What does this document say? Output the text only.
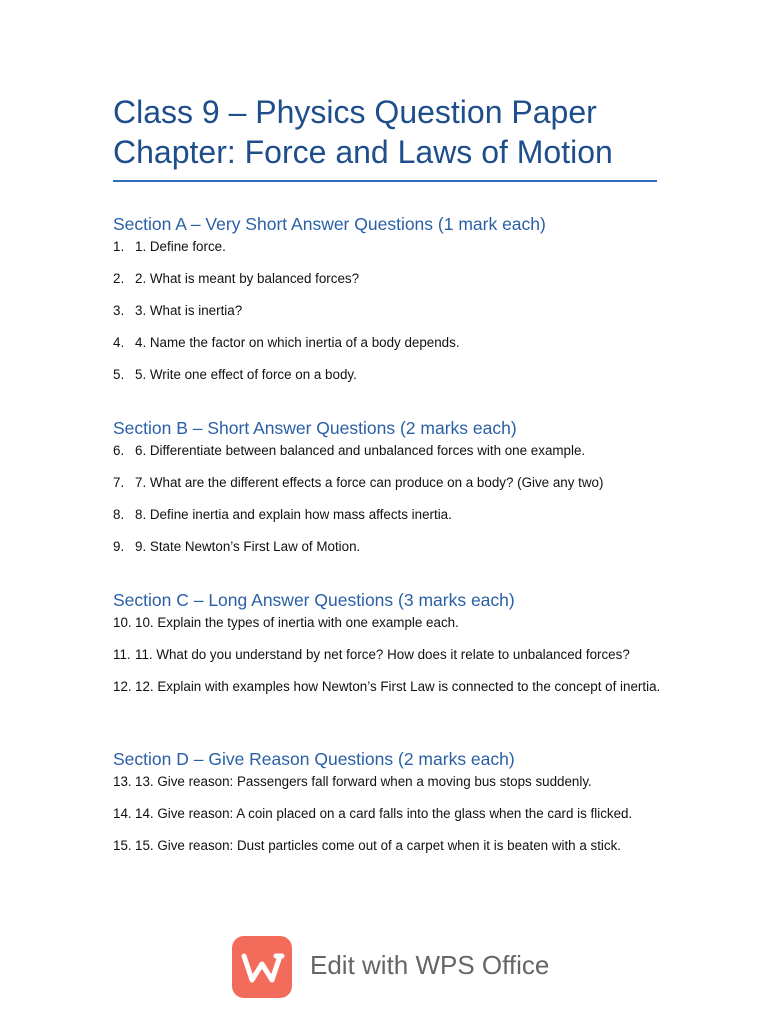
Class 9 – Physics Question Paper
Chapter: Force and Laws of Motion
Section A – Very Short Answer Questions (1 mark each)
1. 1. Define force.
2. 2. What is meant by balanced forces?
3. 3. What is inertia?
4. 4. Name the factor on which inertia of a body depends.
5. 5. Write one effect of force on a body.
Section B – Short Answer Questions (2 marks each)
6. 6. Differentiate between balanced and unbalanced forces with one example.
7. 7. What are the different effects a force can produce on a body? (Give any two)
8. 8. Define inertia and explain how mass affects inertia.
9. 9. State Newton’s First Law of Motion.
Section C – Long Answer Questions (3 marks each)
10. 10. Explain the types of inertia with one example each.
11. 11. What do you understand by net force? How does it relate to unbalanced forces?
12. 12. Explain with examples how Newton’s First Law is connected to the concept of inertia.
Section D – Give Reason Questions (2 marks each)
13. 13. Give reason: Passengers fall forward when a moving bus stops suddenly.
14. 14. Give reason: A coin placed on a card falls into the glass when the card is flicked.
15. 15. Give reason: Dust particles come out of a carpet when it is beaten with a stick.
Edit with WPS Office
